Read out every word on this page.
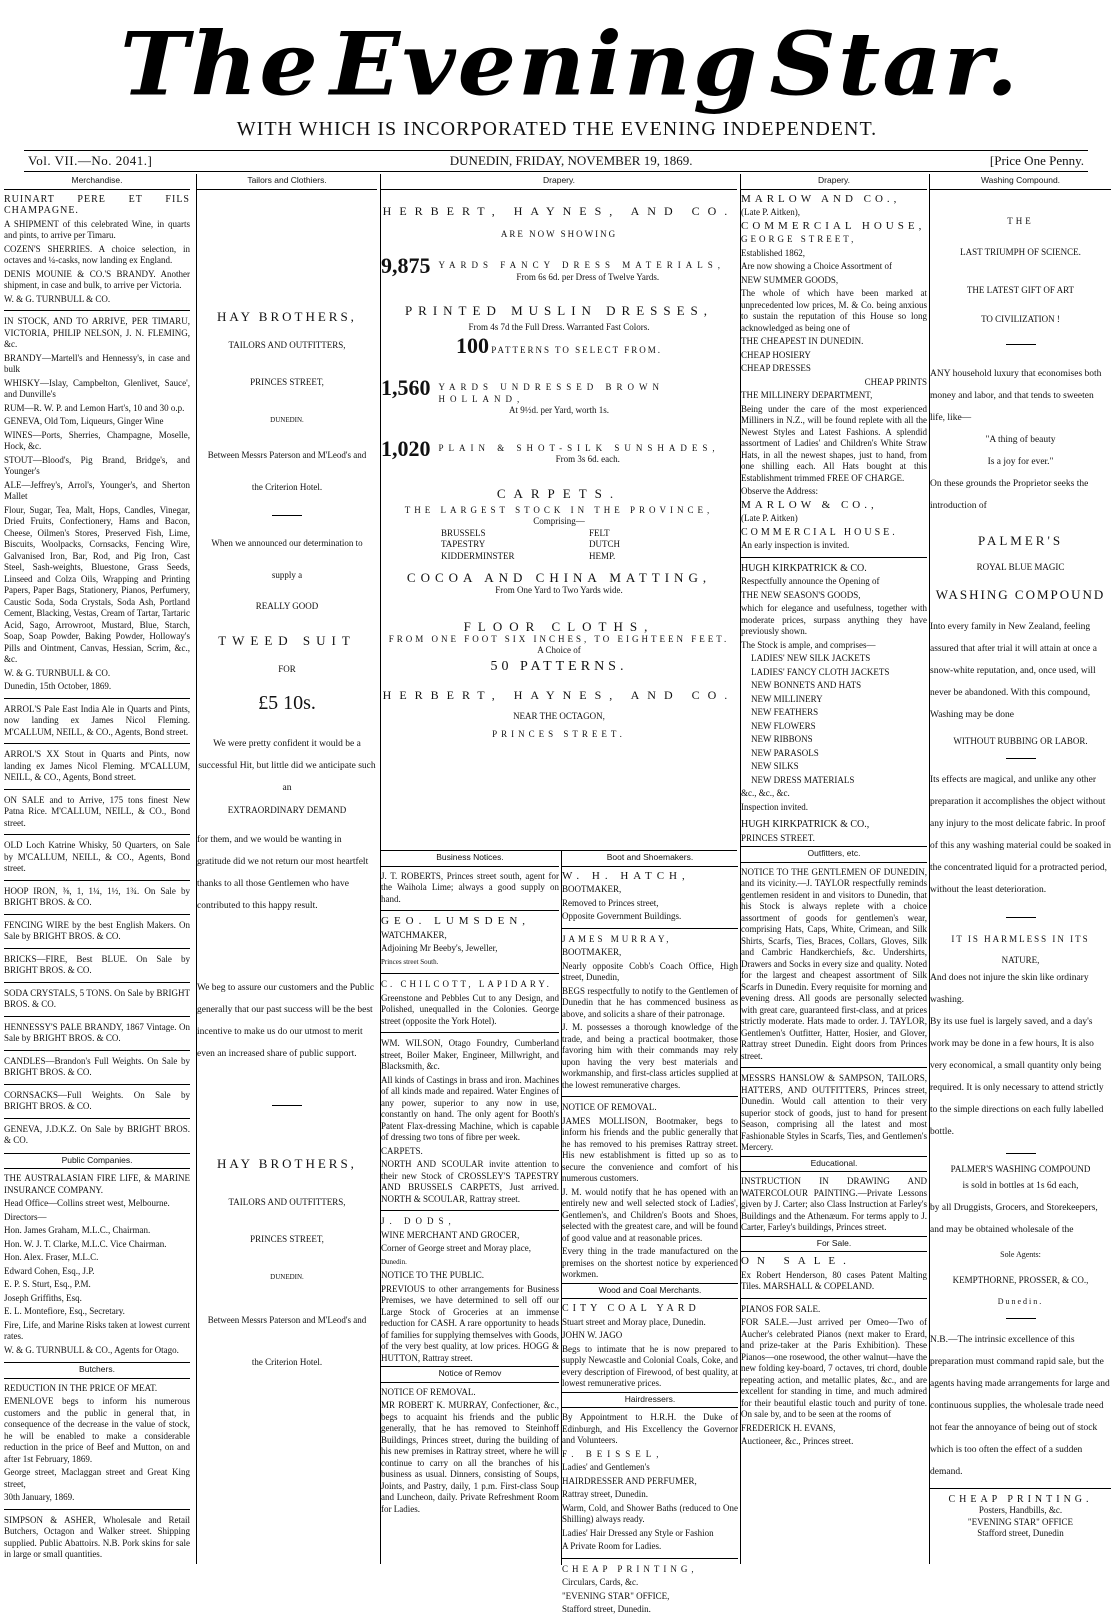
The Evening Star.
WITH WHICH IS INCORPORATED THE EVENING INDEPENDENT.
Vol. VII.—No. 2041.]	DUNEDIN, FRIDAY, NOVEMBER 19, 1869.	[Price One Penny.
Merchandise.
RUINART PERE ET FILS CHAMPAGNE.
A SHIPMENT of this celebrated Wine, in quarts and pints, to arrive per Timaru.
COZEN'S SHERRIES. A choice selection, in octaves and ¼-casks, now landing ex England.
DENIS MOUNIE & CO.'S BRANDY. Another shipment, in case and bulk, to arrive per Victoria.
W. & G. TURNBULL & CO.
IN STOCK, AND TO ARRIVE, PER TIMARU, VICTORIA, PHILIP NELSON, J. N. FLEMING, &c.
BRANDY—Martell's and Hennessy's, in case and bulk
WHISKY—Islay, Campbelton, Glenlivet, Sauce', and Dunville's
RUM—R. W. P. and Lemon Hart's, 10 and 30 o.p.
GENEVA, Old Tom, Liqueurs, Ginger Wine
WINES—Ports, Sherries, Champagne, Moselle, Hock, &c.
STOUT—Blood's, Pig Brand, Bridge's, and Younger's
ALE—Jeffrey's, Arrol's, Younger's, and Sherton Mallet
Flour, Sugar, Tea, Malt, Hops, Candles, Vinegar, Dried Fruits, Confectionery, Hams and Bacon, Cheese, Oilmen's Stores, Preserved Fish, Lime, Biscuits, Woolpacks, Cornsacks, Fencing Wire, Galvanised Iron, Bar, Rod, and Pig Iron, Cast Steel, Sash-weights, Bluestone, Grass Seeds, Linseed and Colza Oils, Wrapping and Printing Papers, Paper Bags, Stationery, Pianos, Perfumery, Caustic Soda, Soda Crystals, Soda Ash, Portland Cement, Blacking, Vestas, Cream of Tartar, Tartaric Acid, Sago, Arrowroot, Mustard, Blue, Starch, Soap, Soap Powder, Baking Powder, Holloway's Pills and Ointment, Canvas, Hessian, Scrim, &c., &c.
W. & G. TURNBULL & CO.
Dunedin, 15th October, 1869.
ARROL'S Pale East India Ale in Quarts and Pints, now landing ex James Nicol Fleming. M'CALLUM, NEILL, & CO., Agents, Bond street.
ARROL'S XX Stout in Quarts and Pints, now landing ex James Nicol Fleming. M'CALLUM, NEILL, & CO., Agents, Bond street.
ON SALE and to Arrive, 175 tons finest New Patna Rice. M'CALLUM, NEILL, & CO., Bond street.
OLD Loch Katrine Whisky, 50 Quarters, on Sale by M'CALLUM, NEILL, & CO., Agents, Bond street.
HOOP IRON, ⅜, 1, 1¼, 1½, 1¾. On Sale by BRIGHT BROS. & CO.
FENCING WIRE by the best English Makers. On Sale by BRIGHT BROS. & CO.
BRICKS—FIRE, Best BLUE. On Sale by BRIGHT BROS. & CO.
SODA CRYSTALS, 5 TONS. On Sale by BRIGHT BROS. & CO.
HENNESSY'S PALE BRANDY, 1867 Vintage. On Sale by BRIGHT BROS. & CO.
CANDLES—Brandon's Full Weights. On Sale by BRIGHT BROS. & CO.
CORNSACKS—Full Weights. On Sale by BRIGHT BROS. & CO.
GENEVA, J.D.K.Z. On Sale by BRIGHT BROS. & CO.
Public Companies.
THE AUSTRALASIAN FIRE LIFE, & MARINE INSURANCE COMPANY.
Head Office—Collins street west, Melbourne.
Directors—
Hon. James Graham, M.L.C., Chairman.
Hon. W. J. T. Clarke, M.L.C. Vice Chairman.
Hon. Alex. Fraser, M.L.C.
Edward Cohen, Esq., J.P.
E. P. S. Sturt, Esq., P.M.
Joseph Griffiths, Esq.
E. L. Montefiore, Esq., Secretary.
Fire, Life, and Marine Risks taken at lowest current rates.
W. & G. TURNBULL & CO., Agents for Otago.
Butchers.
REDUCTION IN THE PRICE OF MEAT.
EMENLOVE begs to inform his numerous customers and the public in general that, in consequence of the decrease in the value of stock, he will be enabled to make a considerable reduction in the price of Beef and Mutton, on and after 1st February, 1869.
George street, Maclaggan street and Great King street,
30th January, 1869.
SIMPSON & ASHER, Wholesale and Retail Butchers, Octagon and Walker street. Shipping supplied. Public Abattoirs. N.B. Pork skins for sale in large or small quantities.
Tailors and Clothiers.
HAY BROTHERS,
TAILORS AND OUTFITTERS,
PRINCES STREET,
DUNEDIN.
Between Messrs Paterson and M'Leod's and
the Criterion Hotel.
When we announced our determination to
supply a
REALLY GOOD
TWEED SUIT
FOR
£5 10s.
We were pretty confident it would be a successful Hit, but little did we anticipate such an
EXTRAORDINARY DEMAND
for them, and we would be wanting in gratitude did we not return our most heartfelt thanks to all those Gentlemen who have contributed to this happy result.
We beg to assure our customers and the Public generally that our past success will be the best incentive to make us do our utmost to merit even an increased share of public support.
HAY BROTHERS,
TAILORS AND OUTFITTERS,
PRINCES STREET,
DUNEDIN.
Between Messrs Paterson and M'Leod's and
the Criterion Hotel.
Drapery.
HERBERT, HAYNES, AND CO.
ARE NOW SHOWING
9,875 YARDS FANCY DRESS MATERIALS,
From 6s 6d. per Dress of Twelve Yards.
PRINTED MUSLIN DRESSES,
From 4s 7d the Full Dress. Warranted Fast Colors.
100 PATTERNS TO SELECT FROM.
1,560 YARDS UNDRESSED BROWN HOLLAND,
At 9½d. per Yard, worth 1s.
1,020 PLAIN & SHOT-SILK SUNSHADES,
From 3s 6d. each.
CARPETS.
THE LARGEST STOCK IN THE PROVINCE,
Comprising—
BRUSSELS
TAPESTRY
KIDDERMINSTER
FELT
DUTCH
HEMP.
COCOA AND CHINA MATTING,
From One Yard to Two Yards wide.
FLOOR CLOTHS,
FROM ONE FOOT SIX INCHES, TO EIGHTEEN FEET.
A Choice of
50 PATTERNS.
HERBERT, HAYNES, AND CO.
NEAR THE OCTAGON,
PRINCES STREET.
Business Notices.
J. T. ROBERTS, Princes street south, agent for the Waihola Lime; always a good supply on hand.
GEO. LUMSDEN,
WATCHMAKER,
Adjoining Mr Beeby's, Jeweller,
Princes street South.
C. CHILCOTT, LAPIDARY.
Greenstone and Pebbles Cut to any Design, and Polished, unequalled in the Colonies. George street (opposite the York Hotel).
WM. WILSON, Otago Foundry, Cumberland street, Boiler Maker, Engineer, Millwright, and Blacksmith, &c.
All kinds of Castings in brass and iron. Machines of all kinds made and repaired. Water Engines of any power, superior to any now in use, constantly on hand. The only agent for Booth's Patent Flax-dressing Machine, which is capable of dressing two tons of fibre per week.
CARPETS.
NORTH AND SCOULAR invite attention to their new Stock of CROSSLEY'S TAPESTRY AND BRUSSELS CARPETS, Just arrived. NORTH & SCOULAR, Rattray street.
J. DODS,
WINE MERCHANT AND GROCER,
Corner of George street and Moray place,
Dunedin.
NOTICE TO THE PUBLIC.
PREVIOUS to other arrangements for Business Premises, we have determined to sell off our Large Stock of Groceries at an immense reduction for CASH. A rare opportunity to heads of families for supplying themselves with Goods, of the very best quality, at low prices. HOGG & HUTTON, Rattray street.
Notice of Remov
NOTICE OF REMOVAL.
MR ROBERT K. MURRAY, Confectioner, &c., begs to acquaint his friends and the public generally, that he has removed to Steinhoff Buildings, Princes street, during the building of his new premises in Rattray street, where he will continue to carry on all the branches of his business as usual. Dinners, consisting of Soups, Joints, and Pastry, daily, 1 p.m. First-class Soup and Luncheon, daily. Private Refreshment Room for Ladies.
Boot and Shoemakers.
W. H. HATCH,
BOOTMAKER,
Removed to Princes street,
Opposite Government Buildings.
JAMES MURRAY,
BOOTMAKER,
Nearly opposite Cobb's Coach Office, High street, Dunedin,
BEGS respectfully to notify to the Gentlemen of Dunedin that he has commenced business as above, and solicits a share of their patronage.
J. M. possesses a thorough knowledge of the trade, and being a practical bootmaker, those favoring him with their commands may rely upon having the very best materials and workmanship, and first-class articles supplied at the lowest remunerative charges.
NOTICE OF REMOVAL.
JAMES MOLLISON, Bootmaker, begs to inform his friends and the public generally that he has removed to his premises Rattray street. His new establishment is fitted up so as to secure the convenience and comfort of his numerous customers.
J. M. would notify that he has opened with an entirely new and well selected stock of Ladies', Gentlemen's, and Children's Boots and Shoes, selected with the greatest care, and will be found of good value and at reasonable prices.
Every thing in the trade manufactured on the premises on the shortest notice by experienced workmen.
Wood and Coal Merchants.
CITY COAL YARD
Stuart street and Moray place, Dunedin.
JOHN W. JAGO
Begs to intimate that he is now prepared to supply Newcastle and Colonial Coals, Coke, and every description of Firewood, of best quality, at lowest remunerative prices.
Hairdressers.
By Appointment to H.R.H. the Duke of Edinburgh, and His Excellency the Governor and Volunteers.
F. BEISSEL,
Ladies' and Gentlemen's
HAIRDRESSER AND PERFUMER,
Rattray street, Dunedin.
Warm, Cold, and Shower Baths (reduced to One Shilling) always ready.
Ladies' Hair Dressed any Style or Fashion
A Private Room for Ladies.
CHEAP PRINTING,
Circulars, Cards, &c.
"EVENING STAR" OFFICE,
Stafford street, Dunedin.
Drapery.
MARLOW AND CO.,
(Late P. Aitken),
COMMERCIAL HOUSE,
GEORGE STREET,
Established 1862,
Are now showing a Choice Assortment of
NEW SUMMER GOODS,
The whole of which have been marked at unprecedented low prices, M. & Co. being anxious to sustain the reputation of this House so long acknowledged as being one of
THE CHEAPEST IN DUNEDIN.
CHEAP HOSIERY
CHEAP DRESSES
CHEAP PRINTS
THE MILLINERY DEPARTMENT,
Being under the care of the most experienced Milliners in N.Z., will be found replete with all the Newest Styles and Latest Fashions. A splendid assortment of Ladies' and Children's White Straw Hats, in all the newest shapes, just to hand, from one shilling each. All Hats bought at this Establishment trimmed FREE OF CHARGE.
Observe the Address:
MARLOW & CO.,
(Late P. Aitken)
COMMERCIAL HOUSE.
An early inspection is invited.
HUGH KIRKPATRICK & CO.
Respectfully announce the Opening of
THE NEW SEASON'S GOODS,
which for elegance and usefulness, together with moderate prices, surpass anything they have previously shown.
The Stock is ample, and comprises—
LADIES' NEW SILK JACKETS
LADIES' FANCY CLOTH JACKETS
NEW BONNETS AND HATS
NEW MILLINERY
NEW FEATHERS
NEW FLOWERS
NEW RIBBONS
NEW PARASOLS
NEW SILKS
NEW DRESS MATERIALS
&c., &c., &c.
Inspection invited.
HUGH KIRKPATRICK & CO.,
PRINCES STREET.
Outfitters, etc.
NOTICE TO THE GENTLEMEN OF DUNEDIN, and its vicinity.—J. TAYLOR respectfully reminds gentlemen resident in and visitors to Dunedin, that his Stock is always replete with a choice assortment of goods for gentlemen's wear, comprising Hats, Caps, White, Crimean, and Silk Shirts, Scarfs, Ties, Braces, Collars, Gloves, Silk and Cambric Handkerchiefs, &c. Undershirts, Drawers and Socks in every size and quality. Noted for the largest and cheapest assortment of Silk Scarfs in Dunedin. Every requisite for morning and evening dress. All goods are personally selected with great care, guaranteed first-class, and at prices strictly moderate. Hats made to order. J. TAYLOR, Gentlemen's Outfitter, Hatter, Hosier, and Glover, Rattray street Dunedin. Eight doors from Princes street.
MESSRS HANSLOW & SAMPSON, TAILORS, HATTERS, AND OUTFITTERS, Princes street, Dunedin. Would call attention to their very superior stock of goods, just to hand for present Season, comprising all the latest and most Fashionable Styles in Scarfs, Ties, and Gentlemen's Mercery.
Educational.
INSTRUCTION IN DRAWING AND WATERCOLOUR PAINTING.—Private Lessons given by J. Carter; also Class Instruction at Farley's Buildings and the Athenæum. For terms apply to J. Carter, Farley's buildings, Princes street.
For Sale.
ON SALE.
Ex Robert Henderson, 80 cases Patent Malting Tiles. MARSHALL & COPELAND.
PIANOS FOR SALE.
FOR SALE.—Just arrived per Omeo—Two of Aucher's celebrated Pianos (next maker to Erard, and prize-taker at the Paris Exhibition). These Pianos—one rosewood, the other walnut—have the new folding key-board, 7 octaves, tri chord, double repeating action, and metallic plates, &c., and are excellent for standing in time, and much admired for their beautiful elastic touch and purity of tone. On sale by, and to be seen at the rooms of
FREDERICK H. EVANS,
Auctioneer, &c., Princes street.
Washing Compound.
THE
LAST TRIUMPH OF SCIENCE.
THE LATEST GIFT OF ART
TO CIVILIZATION !
ANY household luxury that economises both money and labor, and that tends to sweeten life, like—
"A thing of beauty
Is a joy for ever."
On these grounds the Proprietor seeks the introduction of
PALMER'S
ROYAL BLUE MAGIC
WASHING COMPOUND
Into every family in New Zealand, feeling assured that after trial it will attain at once a snow-white reputation, and, once used, will never be abandoned. With this compound, Washing may be done
WITHOUT RUBBING OR LABOR.
Its effects are magical, and unlike any other preparation it accomplishes the object without any injury to the most delicate fabric. In proof of this any washing material could be soaked in the concentrated liquid for a protracted period, without the least deterioration.
IT IS HARMLESS IN ITS
NATURE,
And does not injure the skin like ordinary washing.
By its use fuel is largely saved, and a day's work may be done in a few hours, It is also very economical, a small quantity only being required. It is only necessary to attend strictly to the simple directions on each fully labelled bottle.
PALMER'S WASHING COMPOUND
is sold in bottles at 1s 6d each,
by all Druggists, Grocers, and Storekeepers, and may be obtained wholesale of the
Sole Agents:
KEMPTHORNE, PROSSER, & CO.,
Dunedin.
N.B.—The intrinsic excellence of this preparation must command rapid sale, but the agents having made arrangements for large and continuous supplies, the wholesale trade need not fear the annoyance of being out of stock which is too often the effect of a sudden demand.
CHEAP PRINTING.
Posters, Handbills, &c.
"EVENING STAR" OFFICE
Stafford street, Dunedin
